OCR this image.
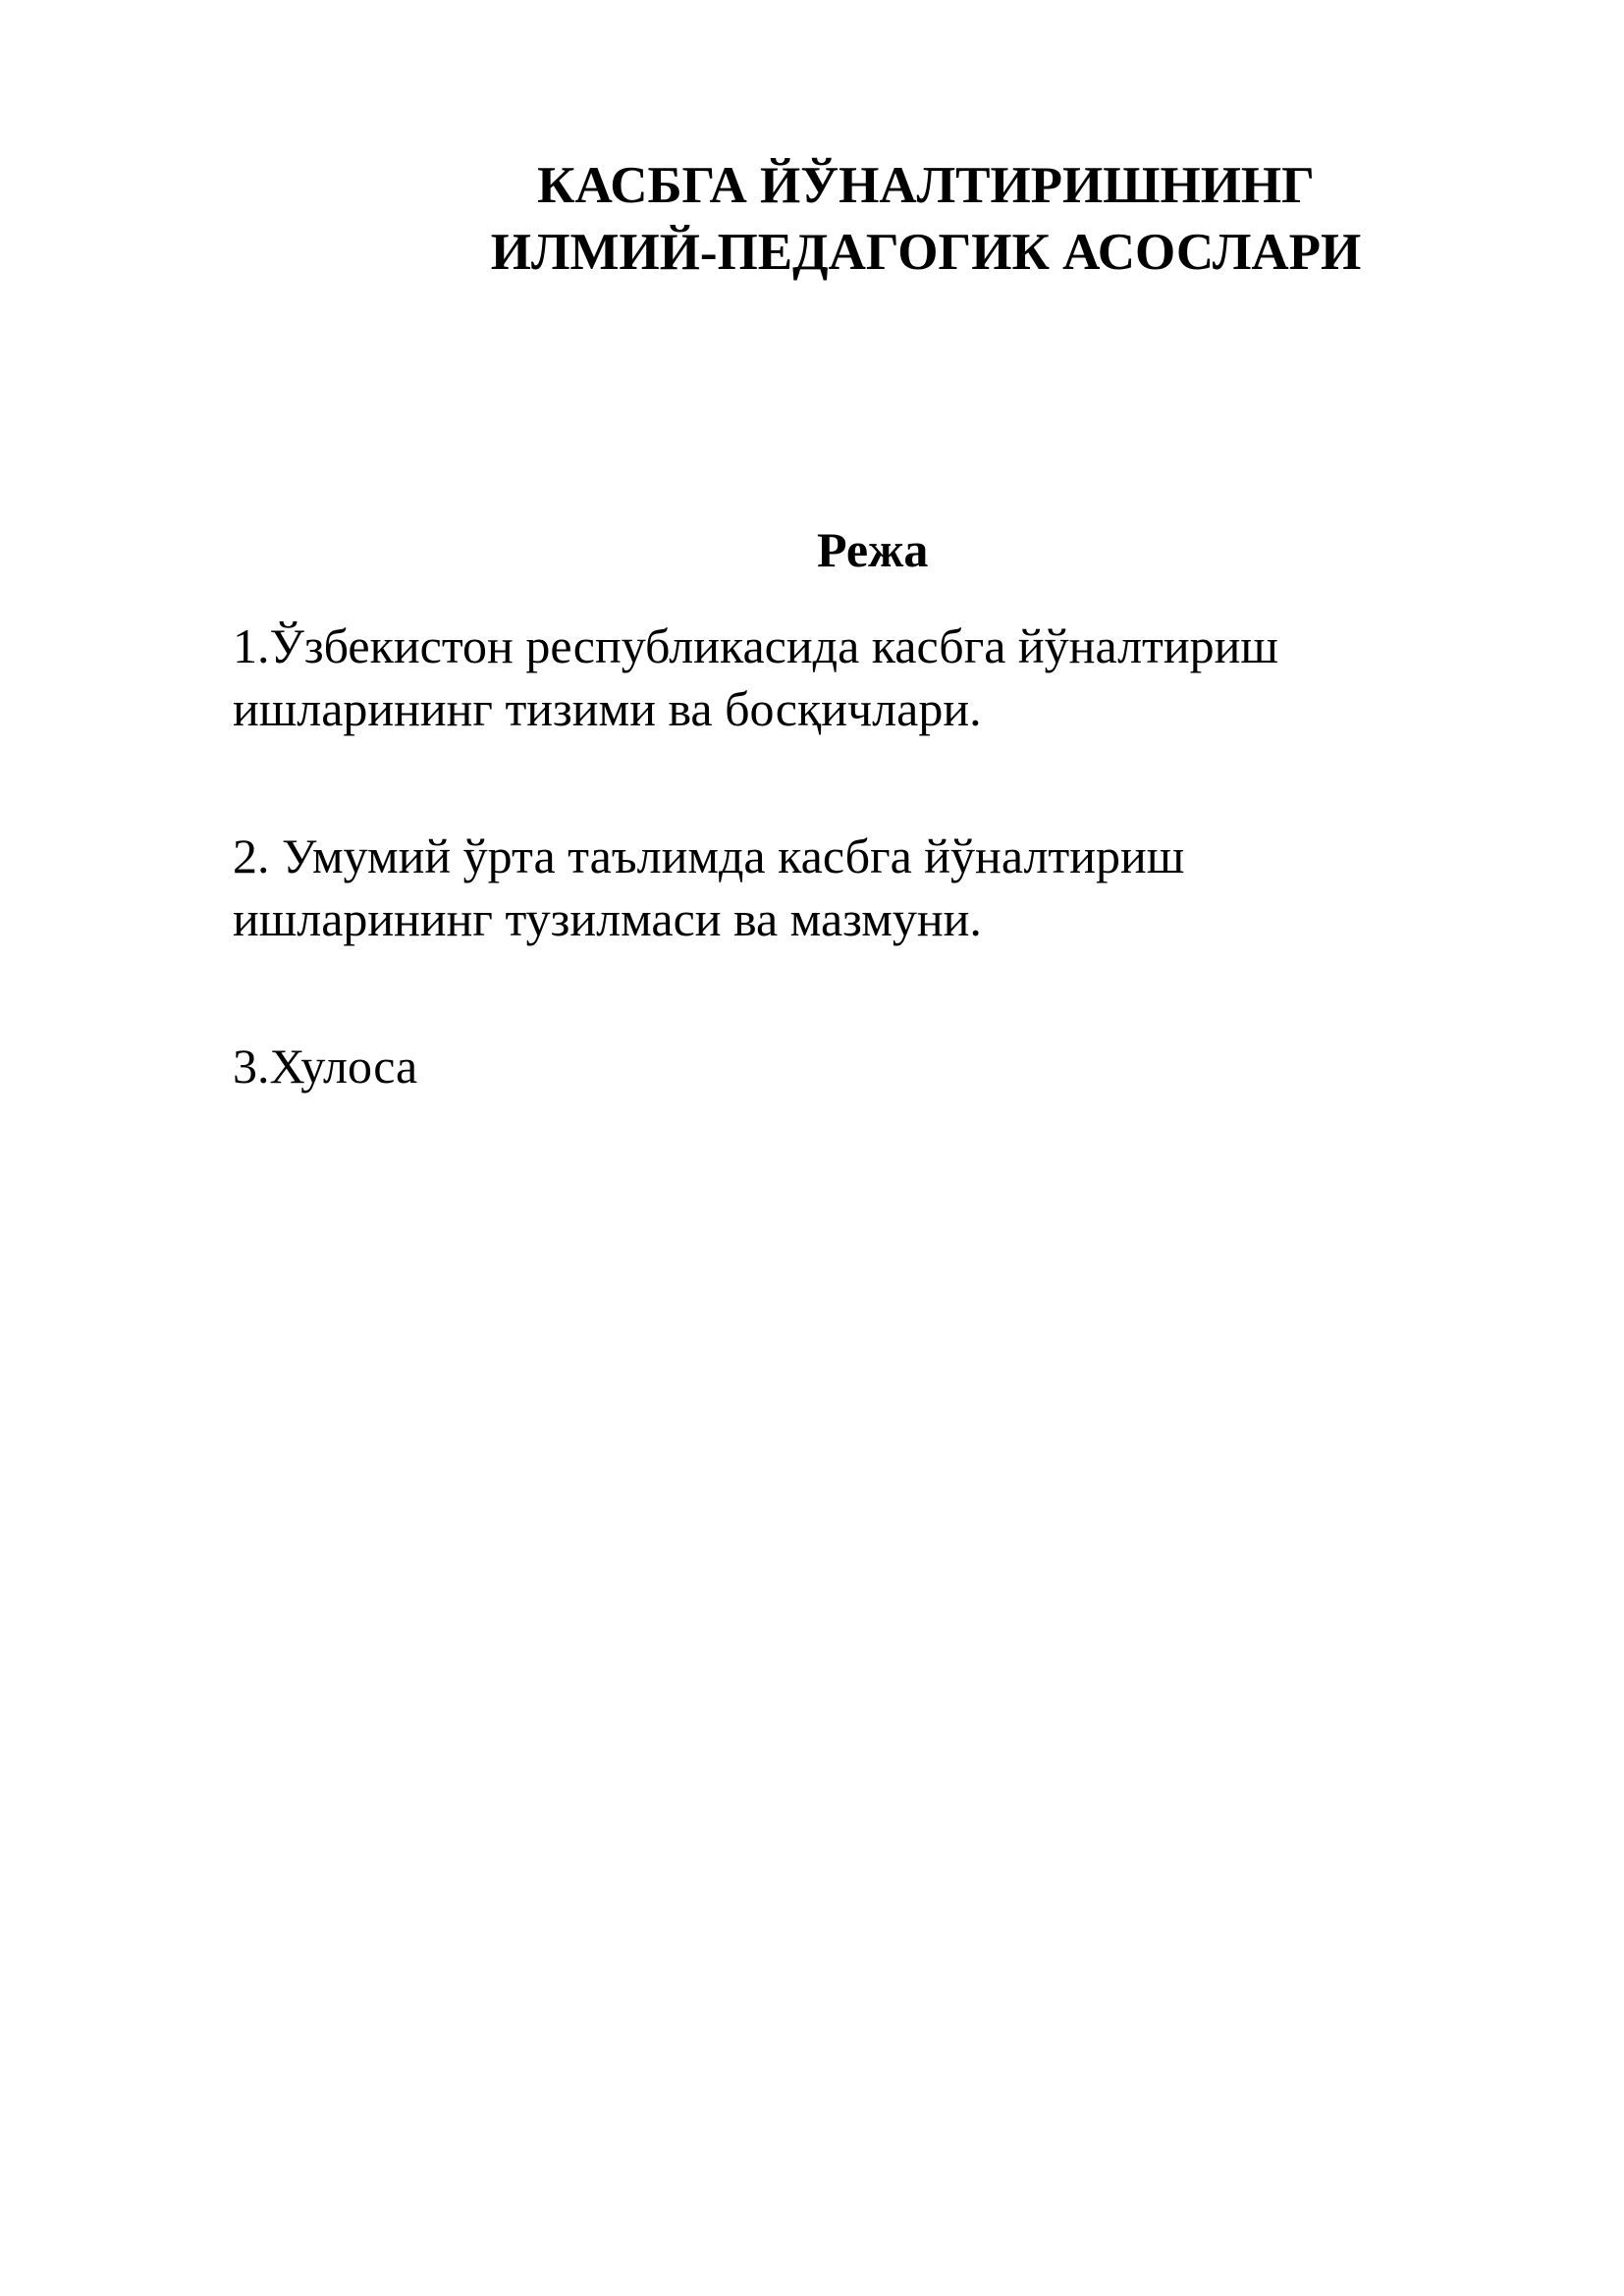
КАСБГА ЙЎНАЛТИРИШНИНГ
ИЛМИЙ-ПЕДАГОГИК АСОСЛАРИ
Режа
1.Ўзбекистон республикасида касбга йўналтириш
ишларининг тизими ва босқичлари.
2. Умумий ўрта таълимда касбга йўналтириш
ишларининг тузилмаси ва мазмуни.
3.Хулоса
